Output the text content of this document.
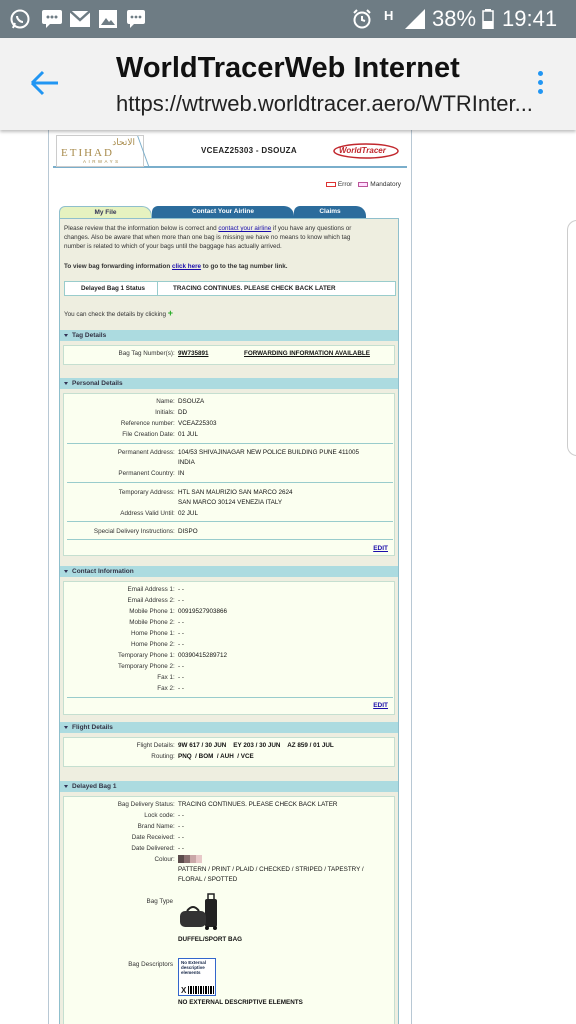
H 38% 19:41
WorldTracerWeb Internet
https://wtrweb.worldtracer.aero/WTRInter...
الاتحاد
ETIHAD
AIRWAYS
VCEAZ25303 - DSOUZA	WorldTracer
Error	Mandatory
My File	Contact Your Airline	Claims
Please review that the information below is correct and contact your airline if you have any questions or
changes. Also be aware that when more than one bag is missing we have no means to know which tag
number is related to which of your bags until the baggage has actually arrived.
To view bag forwarding information click here to go to the tag number link.
Delayed Bag 1 Status	TRACING CONTINUES. PLEASE CHECK BACK LATER
You can check the details by clicking +
Tag Details
Bag Tag Number(s) : 9W735891	FORWARDING INFORMATION AVAILABLE
Personal Details
Name : DSOUZA
Initials : DD
Reference number : VCEAZ25303
File Creation Date : 01 JUL
Permanent Address : 104/53 SHIVAJINAGAR NEW POLICE BUILDING PUNE 411005
INDIA
Permanent Country : IN
Temporary Address : HTL SAN MAURIZIO SAN MARCO 2624
SAN MARCO 30124 VENEZIA ITALY
Address Valid Until : 02 JUL
Special Delivery Instructions : DISPO
EDIT
Contact Information
Email Address 1 : - -
Email Address 2 : - -
Mobile Phone 1 : 00919527903866
Mobile Phone 2 : - -
Home Phone 1 : - -
Home Phone 2 : - -
Temporary Phone 1 : 00390415289712
Temporary Phone 2 : - -
Fax 1 : - -
Fax 2 : - -
EDIT
Flight Details
Flight Details : 9W 617 / 30 JUN    EY 203 / 30 JUN    AZ 859 / 01 JUL
Routing : PNQ  / BOM  / AUH  / VCE
Delayed Bag 1
Bag Delivery Status : TRACING CONTINUES. PLEASE CHECK BACK LATER
Lock code : - -
Brand Name : - -
Date Received : - -
Date Delivered : - -
Colour :
PATTERN / PRINT / PLAID / CHECKED / STRIPED / TAPESTRY /
FLORAL / SPOTTED
Bag Type
DUFFEL/SPORT BAG
Bag Descriptors No External descriptive elements
X
NO EXTERNAL DESCRIPTIVE ELEMENTS
